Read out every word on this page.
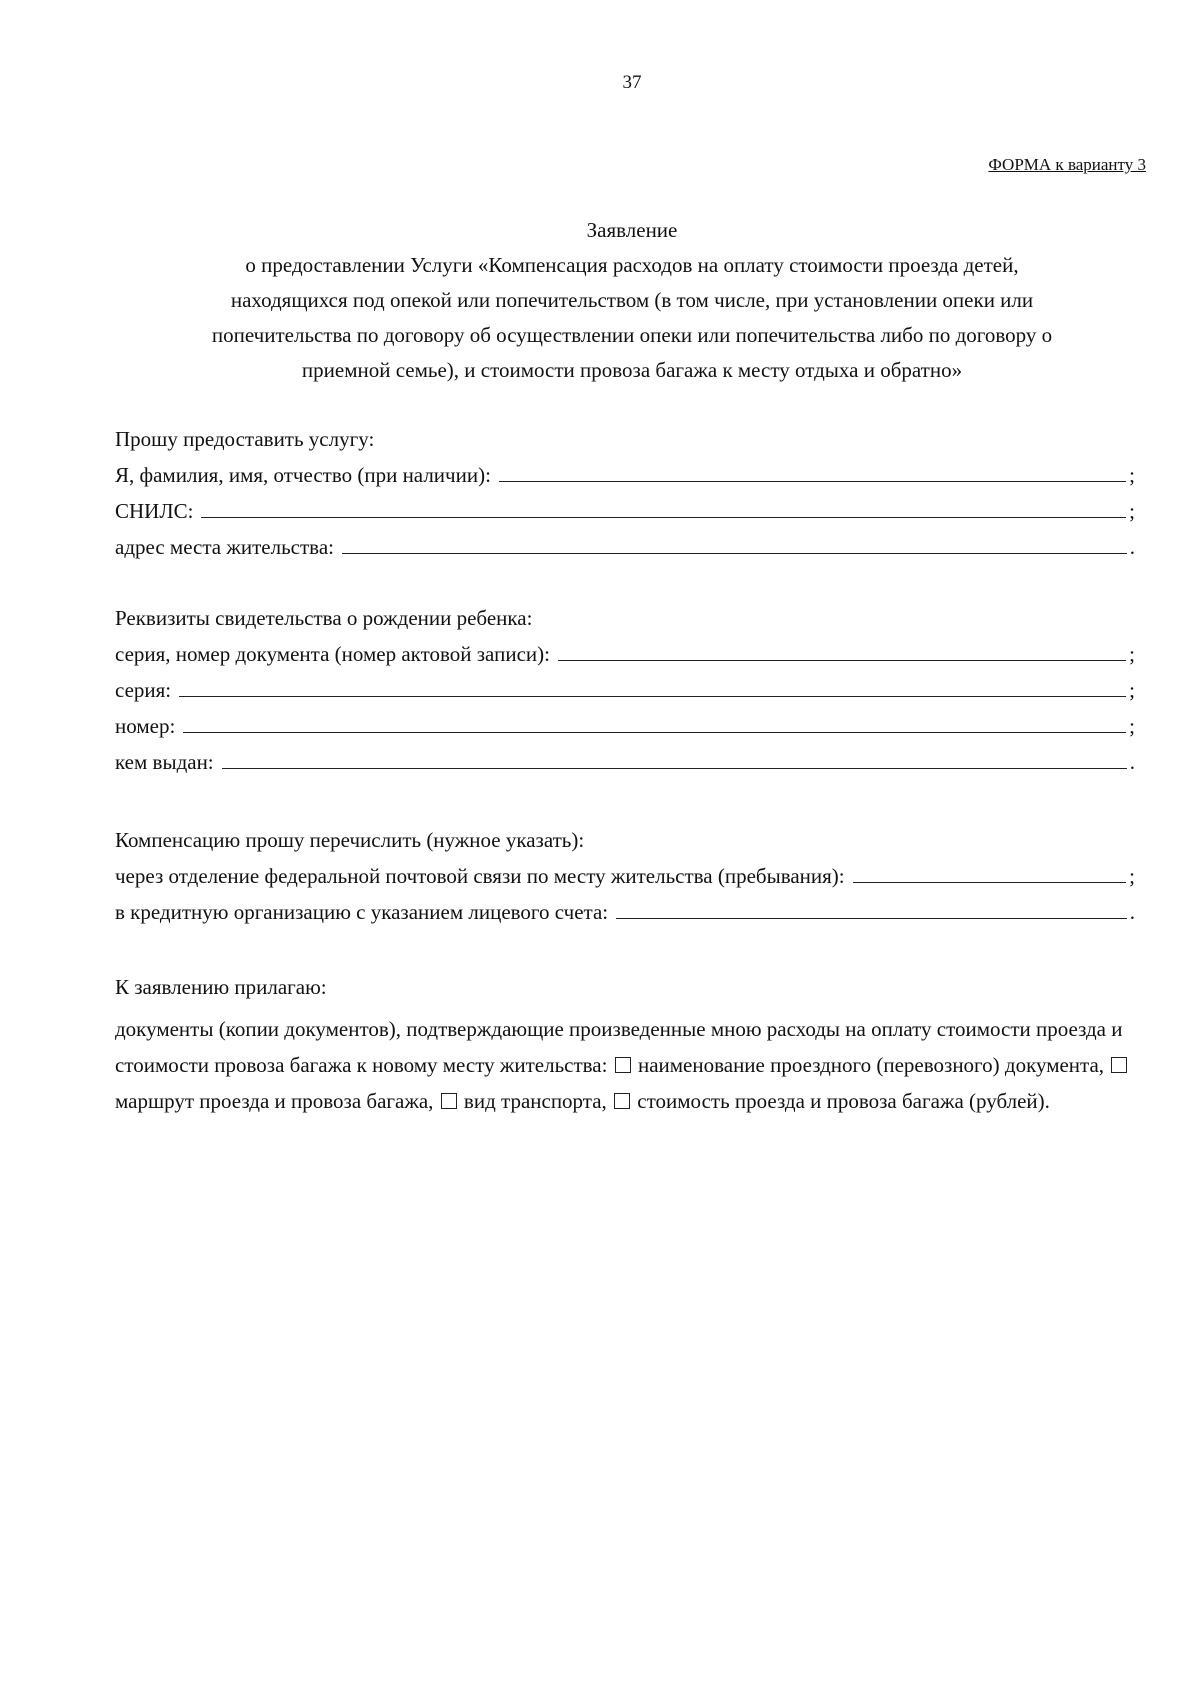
37
ФОРМА к варианту 3
Заявление
о предоставлении Услуги «Компенсация расходов на оплату стоимости проезда детей,
находящихся под опекой или попечительством (в том числе, при установлении опеки или
попечительства по договору об осуществлении опеки или попечительства либо по договору о
приемной семье), и стоимости провоза багажа к месту отдыха и обратно»
Прошу предоставить услугу:
Я, фамилия, имя, отчество (при наличии):	;
СНИЛС:	;
адрес места жительства:	.
Реквизиты свидетельства о рождении ребенка:
серия, номер документа (номер актовой записи):	;
серия:	;
номер:	;
кем выдан:	.
Компенсацию прошу перечислить (нужное указать):
через отделение федеральной почтовой связи по месту жительства (пребывания):	;
в кредитную организацию с указанием лицевого счета:	.
К заявлению прилагаю:
документы (копии документов), подтверждающие произведенные мною расходы на оплату стоимости проезда и стоимости провоза багажа к новому месту жительства: наименование проездного (перевозного) документа,  маршрут проезда и провоза багажа, вид транспорта, стоимость проезда и провоза багажа (рублей).
